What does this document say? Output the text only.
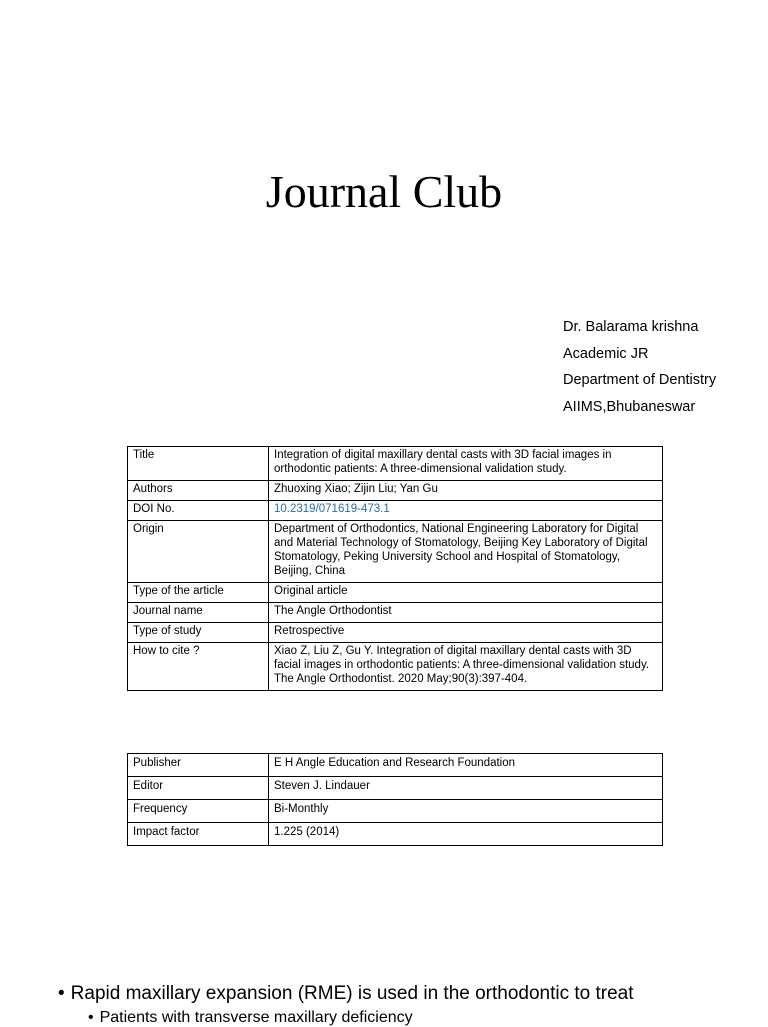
Journal Club
Dr. Balarama krishna
Academic JR
Department of Dentistry
AIIMS,Bhubaneswar
Title	Integration of digital maxillary dental casts with 3D facial images in orthodontic patients: A three-dimensional validation study.
Authors	Zhuoxing Xiao; Zijin Liu; Yan Gu
DOI No.	10.2319/071619-473.1
Origin	Department of Orthodontics, National Engineering Laboratory for Digital and Material Technology of Stomatology, Beijing Key Laboratory of Digital Stomatology, Peking University School and Hospital of Stomatology, Beijing, China
Type of the article	Original article
Journal name	The Angle Orthodontist
Type of study	Retrospective
How to cite ?	Xiao Z, Liu Z, Gu Y. Integration of digital maxillary dental casts with 3D facial images in orthodontic patients: A three-dimensional validation study. The Angle Orthodontist. 2020 May;90(3):397-404.
Publisher	E H Angle Education and Research Foundation
Editor	Steven J. Lindauer
Frequency	Bi-Monthly
Impact factor	1.225 (2014)
• Rapid maxillary expansion (RME) is used in the orthodontic to treat
• Patients with transverse maxillary deficiency
